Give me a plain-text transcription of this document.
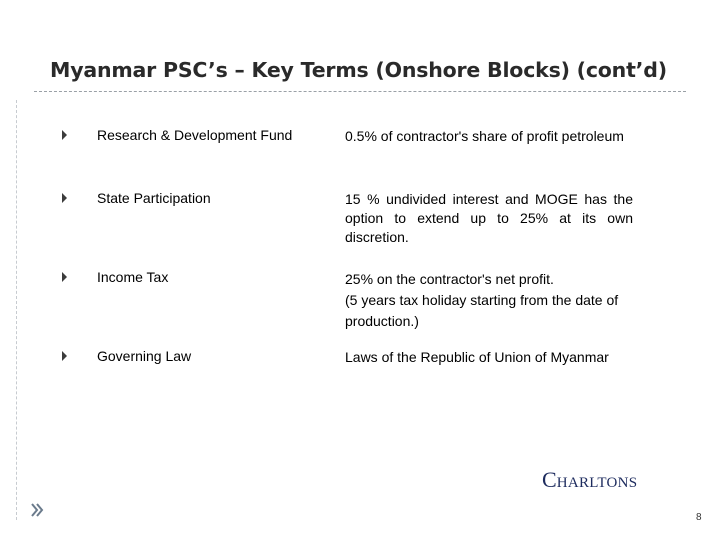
Myanmar PSC’s – Key Terms (Onshore Blocks) (cont’d)
Research & Development Fund	0.5% of contractor's share of profit petroleum
State Participation	15 % undivided interest and MOGE has the option to extend up to 25% at its own discretion.
Income Tax	25% on the contractor's net profit.
(5 years tax holiday starting from the date of production.)
Governing Law	Laws of the Republic of Union of Myanmar
CHARLTONS
8
